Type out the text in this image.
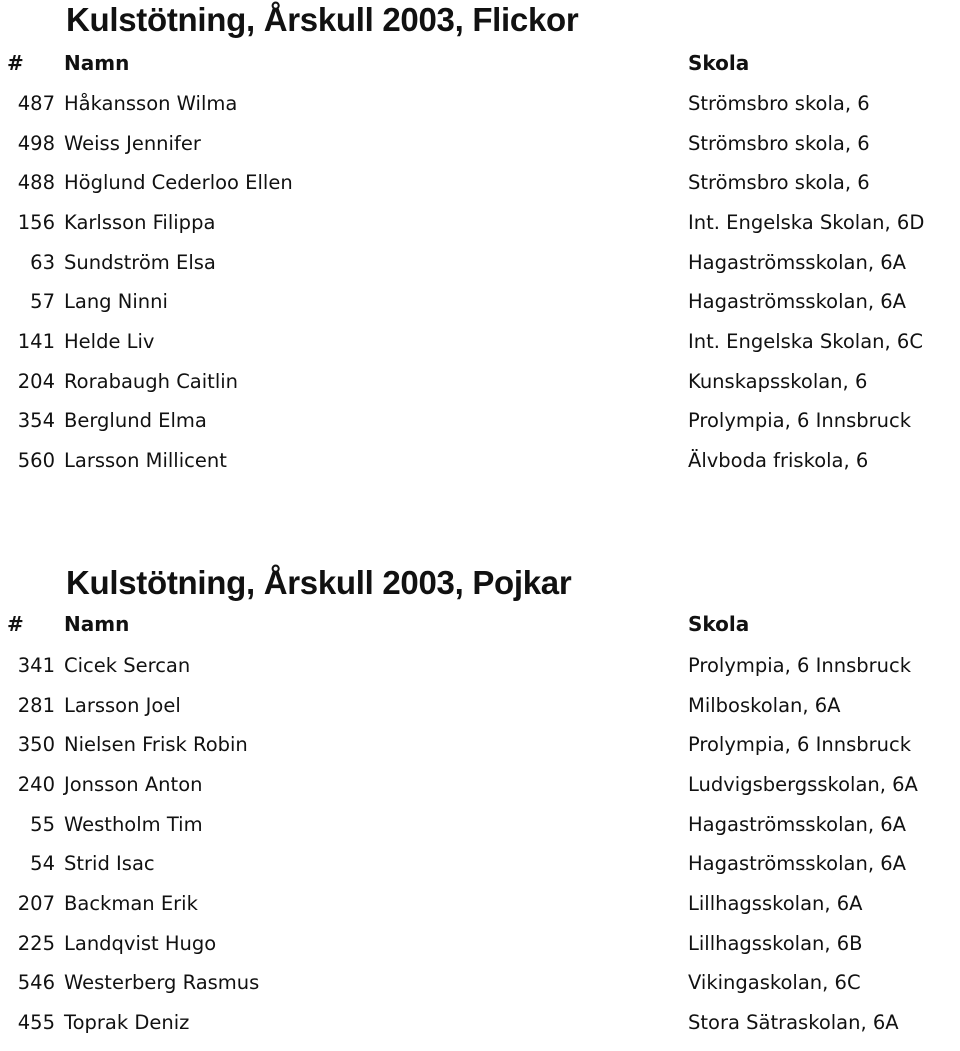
Kulstötning, Årskull 2003, Flickor
# Namn	Skola
487 Håkansson Wilma	Strömsbro skola, 6
498 Weiss Jennifer	Strömsbro skola, 6
488 Höglund Cederloo Ellen	Strömsbro skola, 6
156 Karlsson Filippa	Int. Engelska Skolan, 6D
63 Sundström Elsa	Hagaströmsskolan, 6A
57 Lang Ninni	Hagaströmsskolan, 6A
141 Helde Liv	Int. Engelska Skolan, 6C
204 Rorabaugh Caitlin	Kunskapsskolan, 6
354 Berglund Elma	Prolympia, 6 Innsbruck
560 Larsson Millicent	Älvboda friskola, 6
Kulstötning, Årskull 2003, Pojkar
# Namn	Skola
341 Cicek Sercan	Prolympia, 6 Innsbruck
281 Larsson Joel	Milboskolan, 6A
350 Nielsen Frisk Robin	Prolympia, 6 Innsbruck
240 Jonsson Anton	Ludvigsbergsskolan, 6A
55 Westholm Tim	Hagaströmsskolan, 6A
54 Strid Isac	Hagaströmsskolan, 6A
207 Backman Erik	Lillhagsskolan, 6A
225 Landqvist Hugo	Lillhagsskolan, 6B
546 Westerberg Rasmus	Vikingaskolan, 6C
455 Toprak Deniz	Stora Sätraskolan, 6A
